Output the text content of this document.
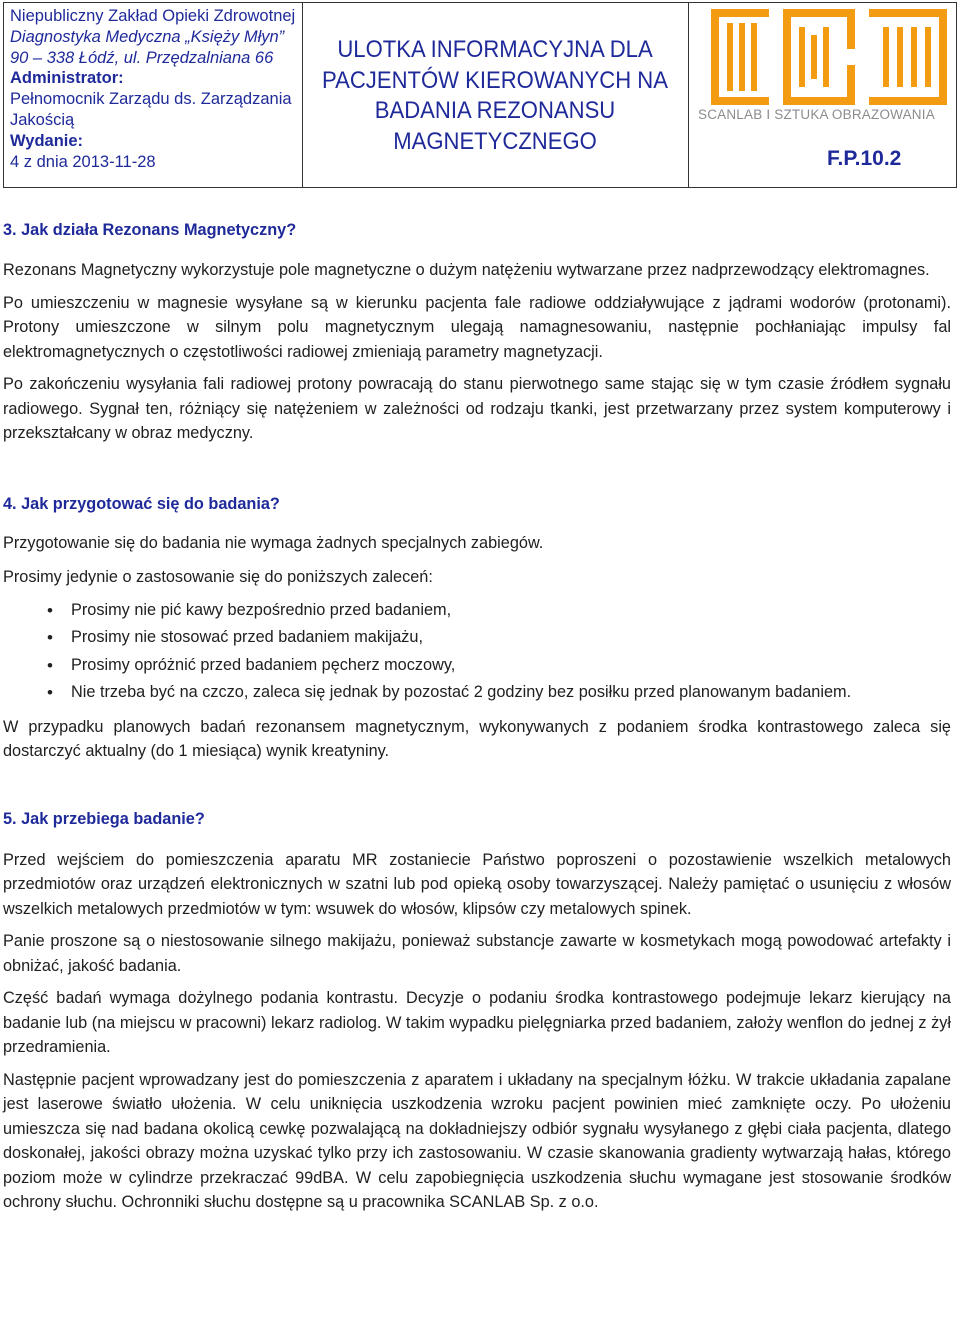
Niepubliczny Zakład Opieki Zdrowotnej
Diagnostyka Medyczna „Księży Młyn”
90 – 338 Łódź, ul. Przędzalniana 66
Administrator:
Pełnomocnik Zarządu ds. Zarządzania
Jakością
Wydanie:
4 z dnia 2013-11-28
ULOTKA INFORMACYJNA DLA
PACJENTÓW KIEROWANYCH NA
BADANIA REZONANSU
MAGNETYCZNEGO
SCANLAB I SZTUKA OBRAZOWANIA
F.P.10.2
3. Jak działa Rezonans Magnetyczny?

Rezonans Magnetyczny wykorzystuje pole magnetyczne o dużym natężeniu wytwarzane przez nadprzewodzący elektromagnes.

Po umieszczeniu w magnesie wysyłane są w kierunku pacjenta fale radiowe oddziaływujące z jądrami wodorów (protonami). Protony umieszczone w silnym polu magnetycznym ulegają namagnesowaniu, następnie pochłaniając impulsy fal elektromagnetycznych o częstotliwości radiowej zmieniają parametry magnetyzacji.

Po zakończeniu wysyłania fali radiowej protony powracają do stanu pierwotnego same stając się w tym czasie źródłem sygnału radiowego. Sygnał ten, różniący się natężeniem w zależności od rodzaju tkanki, jest przetwarzany przez system komputerowy i przekształcany w obraz medyczny.

4. Jak przygotować się do badania?

Przygotowanie się do badania nie wymaga żadnych specjalnych zabiegów.

Prosimy jedynie o zastosowanie się do poniższych zaleceń:

• Prosimy nie pić kawy bezpośrednio przed badaniem,
• Prosimy nie stosować przed badaniem makijażu,
• Prosimy opróżnić przed badaniem pęcherz moczowy,
• Nie trzeba być na czczo, zaleca się jednak by pozostać 2 godziny bez posiłku przed planowanym badaniem.

W przypadku planowych badań rezonansem magnetycznym, wykonywanych z podaniem środka kontrastowego zaleca się dostarczyć aktualny (do 1 miesiąca) wynik kreatyniny.

5. Jak przebiega badanie?

Przed wejściem do pomieszczenia aparatu MR zostaniecie Państwo poproszeni o pozostawienie wszelkich metalowych przedmiotów oraz urządzeń elektronicznych w szatni lub pod opieką osoby towarzyszącej. Należy pamiętać o usunięciu z włosów wszelkich metalowych przedmiotów w tym: wsuwek do włosów, klipsów czy metalowych spinek.

Panie proszone są o niestosowanie silnego makijażu, ponieważ substancje zawarte w kosmetykach mogą powodować artefakty i obniżać, jakość badania.

Część badań wymaga dożylnego podania kontrastu. Decyzje o podaniu środka kontrastowego podejmuje lekarz kierujący na badanie lub (na miejscu w pracowni) lekarz radiolog. W takim wypadku pielęgniarka przed badaniem, założy wenflon do jednej z żył przedramienia.

Następnie pacjent wprowadzany jest do pomieszczenia z aparatem i układany na specjalnym łóżku. W trakcie układania zapalane jest laserowe światło ułożenia. W celu uniknięcia uszkodzenia wzroku pacjent powinien mieć zamknięte oczy. Po ułożeniu umieszcza się nad badana okolicą cewkę pozwalającą na dokładniejszy odbiór sygnału wysyłanego z głębi ciała pacjenta, dlatego doskonałej, jakości obrazy można uzyskać tylko przy ich zastosowaniu. W czasie skanowania gradienty wytwarzają hałas, którego poziom może w cylindrze przekraczać 99dBA. W celu zapobiegnięcia uszkodzenia słuchu wymagane jest stosowanie środków ochrony słuchu. Ochronniki słuchu dostępne są u pracownika SCANLAB Sp. z o.o.
